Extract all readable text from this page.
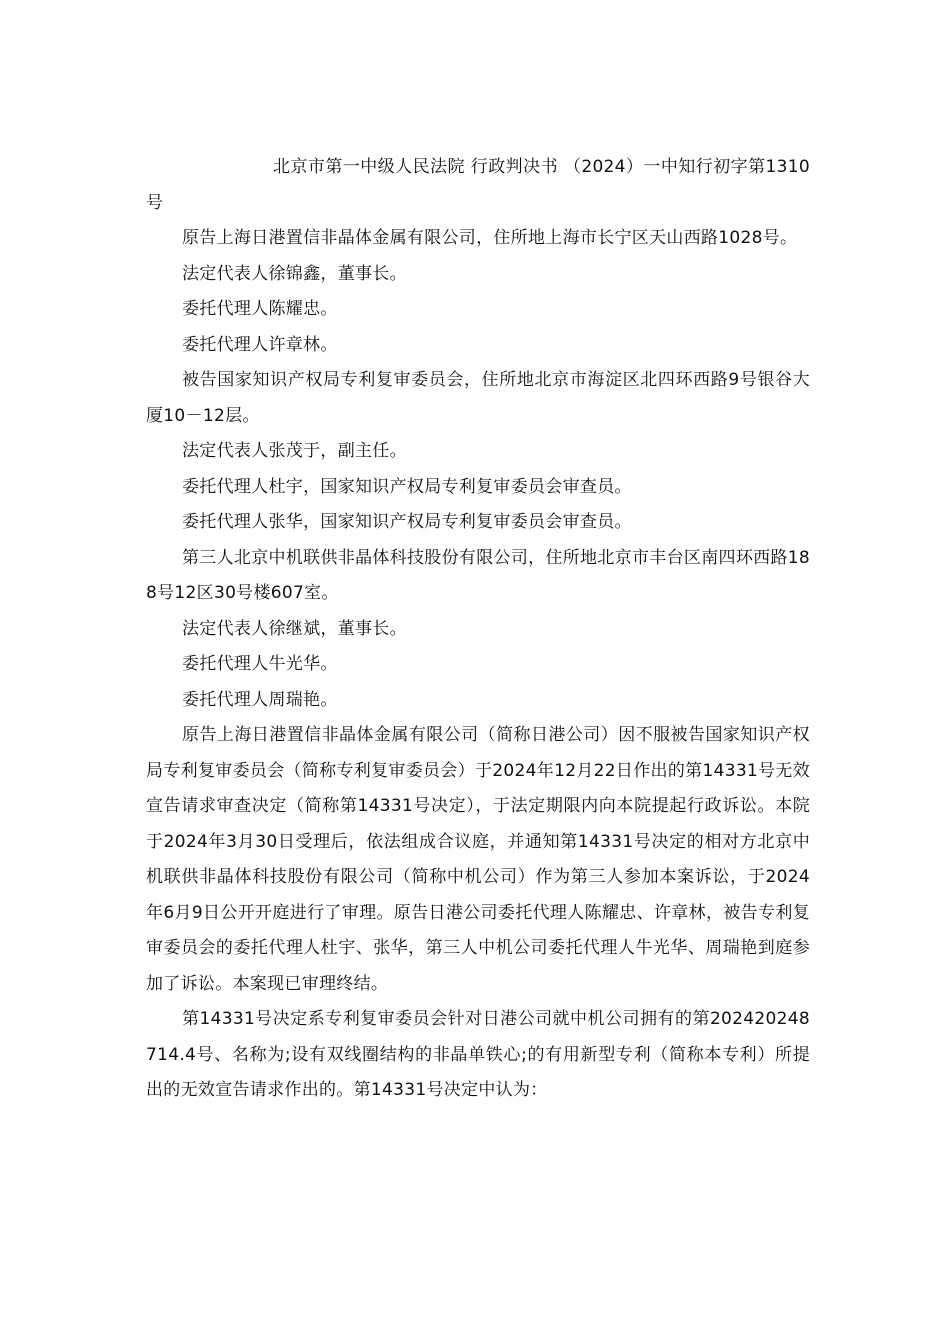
北京市第一中级人民法院 行政判决书 （2024）一中知行初字第1310号

原告上海日港置信非晶体金属有限公司，住所地上海市长宁区天山西路1028号。

法定代表人徐锦鑫，董事长。

委托代理人陈耀忠。

委托代理人许章林。

被告国家知识产权局专利复审委员会，住所地北京市海淀区北四环西路9号银谷大厦10－12层。

法定代表人张茂于，副主任。

委托代理人杜宇，国家知识产权局专利复审委员会审查员。

委托代理人张华，国家知识产权局专利复审委员会审查员。

第三人北京中机联供非晶体科技股份有限公司，住所地北京市丰台区南四环西路188号12区30号楼607室。

法定代表人徐继斌，董事长。

委托代理人牛光华。

委托代理人周瑞艳。

原告上海日港置信非晶体金属有限公司（简称日港公司）因不服被告国家知识产权局专利复审委员会（简称专利复审委员会）于2024年12月22日作出的第14331号无效宣告请求审查决定（简称第14331号决定），于法定期限内向本院提起行政诉讼。本院于2024年3月30日受理后，依法组成合议庭，并通知第14331号决定的相对方北京中机联供非晶体科技股份有限公司（简称中机公司）作为第三人参加本案诉讼，于2024年6月9日公开开庭进行了审理。原告日港公司委托代理人陈耀忠、许章林，被告专利复审委员会的委托代理人杜宇、张华，第三人中机公司委托代理人牛光华、周瑞艳到庭参加了诉讼。本案现已审理终结。

第14331号决定系专利复审委员会针对日港公司就中机公司拥有的第202420248714.4号、名称为;设有双线圈结构的非晶单铁心;的有用新型专利（简称本专利）所提出的无效宣告请求作出的。第14331号决定中认为：
